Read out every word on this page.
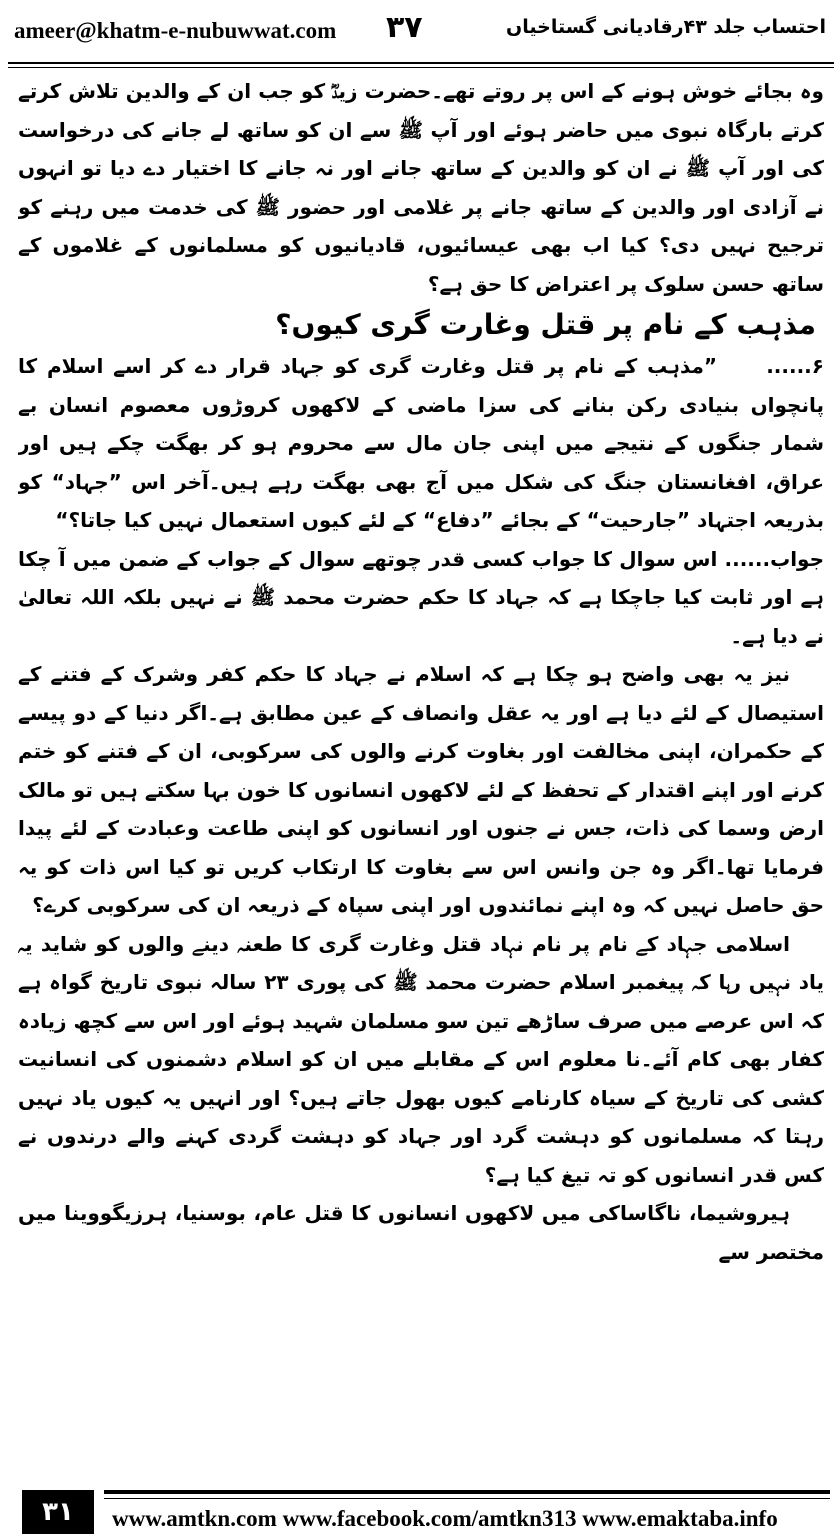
ameer@khatm-e-nubuwwat.com ۳۷	احتساب جلد ۴۳رقادیانی گستاخیاں

وہ بجائے خوش ہونے کے اس پر روتے تھے۔حضرت زیدؓ کو جب ان کے والدین تلاش کرتے کرتے بارگاہ نبوی میں حاضر ہوئے اور آپ ﷺ سے ان کو ساتھ لے جانے کی درخواست کی اور آپ ﷺ نے ان کو والدین کے ساتھ جانے اور نہ جانے کا اختیار دے دیا تو انہوں نے آزادی اور والدین کے ساتھ جانے پر غلامی اور حضور ﷺ کی خدمت میں رہنے کو ترجیح نہیں دی؟ کیا اب بھی عیسائیوں، قادیانیوں کو مسلمانوں کے غلاموں کے ساتھ حسن سلوک پر اعتراض کا حق ہے؟

مذہب کے نام پر قتل وغارت گری کیوں؟

۶......     ”مذہب کے نام پر قتل وغارت گری کو جہاد قرار دے کر اسے اسلام کا پانچواں بنیادی رکن بنانے کی سزا ماضی کے لاکھوں کروڑوں معصوم انسان بے شمار جنگوں کے نتیجے میں اپنی جان مال سے محروم ہو کر بھگت چکے ہیں اور عراق، افغانستان جنگ کی شکل میں آج بھی بھگت رہے ہیں۔آخر اس ”جہاد“ کو بذریعہ اجتہاد ”جارحیت“ کے بجائے ”دفاع“ کے لئے کیوں استعمال نہیں کیا جاتا؟“

جواب...... اس سوال کا جواب کسی قدر چوتھے سوال کے جواب کے ضمن میں آ چکا ہے اور ثابت کیا جاچکا ہے کہ جہاد کا حکم حضرت محمد ﷺ نے نہیں بلکہ اللہ تعالیٰ نے دیا ہے۔

نیز یہ بھی واضح ہو چکا ہے کہ اسلام نے جہاد کا حکم کفر وشرک کے فتنے کے استیصال کے لئے دیا ہے اور یہ عقل وانصاف کے عین مطابق ہے۔اگر دنیا کے دو پیسے کے حکمران، اپنی مخالفت اور بغاوت کرنے والوں کی سرکوبی، ان کے فتنے کو ختم کرنے اور اپنے اقتدار کے تحفظ کے لئے لاکھوں انسانوں کا خون بہا سکتے ہیں تو مالک ارض وسما کی ذات، جس نے جنوں اور انسانوں کو اپنی طاعت وعبادت کے لئے پیدا فرمایا تھا۔اگر وہ جن وانس اس سے بغاوت کا ارتکاب کریں تو کیا اس ذات کو یہ حق حاصل نہیں کہ وہ اپنے نمائندوں اور اپنی سپاہ کے ذریعہ ان کی سرکوبی کرے؟

اسلامی جہاد کے نام پر نام نہاد قتل وغارت گری کا طعنہ دینے والوں کو شاید یہ یاد نہیں رہا کہ پیغمبر اسلام حضرت محمد ﷺ کی پوری ۲۳ سالہ نبوی تاریخ گواہ ہے کہ اس عرصے میں صرف ساڑھے تین سو مسلمان شہید ہوئے اور اس سے کچھ زیادہ کفار بھی کام آئے۔نا معلوم اس کے مقابلے میں ان کو اسلام دشمنوں کی انسانیت کشی کی تاریخ کے سیاہ کارنامے کیوں بھول جاتے ہیں؟ اور انہیں یہ کیوں یاد نہیں رہتا کہ مسلمانوں کو دہشت گرد اور جہاد کو دہشت گردی کہنے والے درندوں نے کس قدر انسانوں کو تہ تیغ کیا ہے؟

ہیروشیما، ناگاساکی میں لاکھوں انسانوں کا قتل عام، بوسنیا، ہرزیگووینا میں مختصر سے

۳۱	www.amtkn.com www.facebook.com/amtkn313 www.emaktaba.info
